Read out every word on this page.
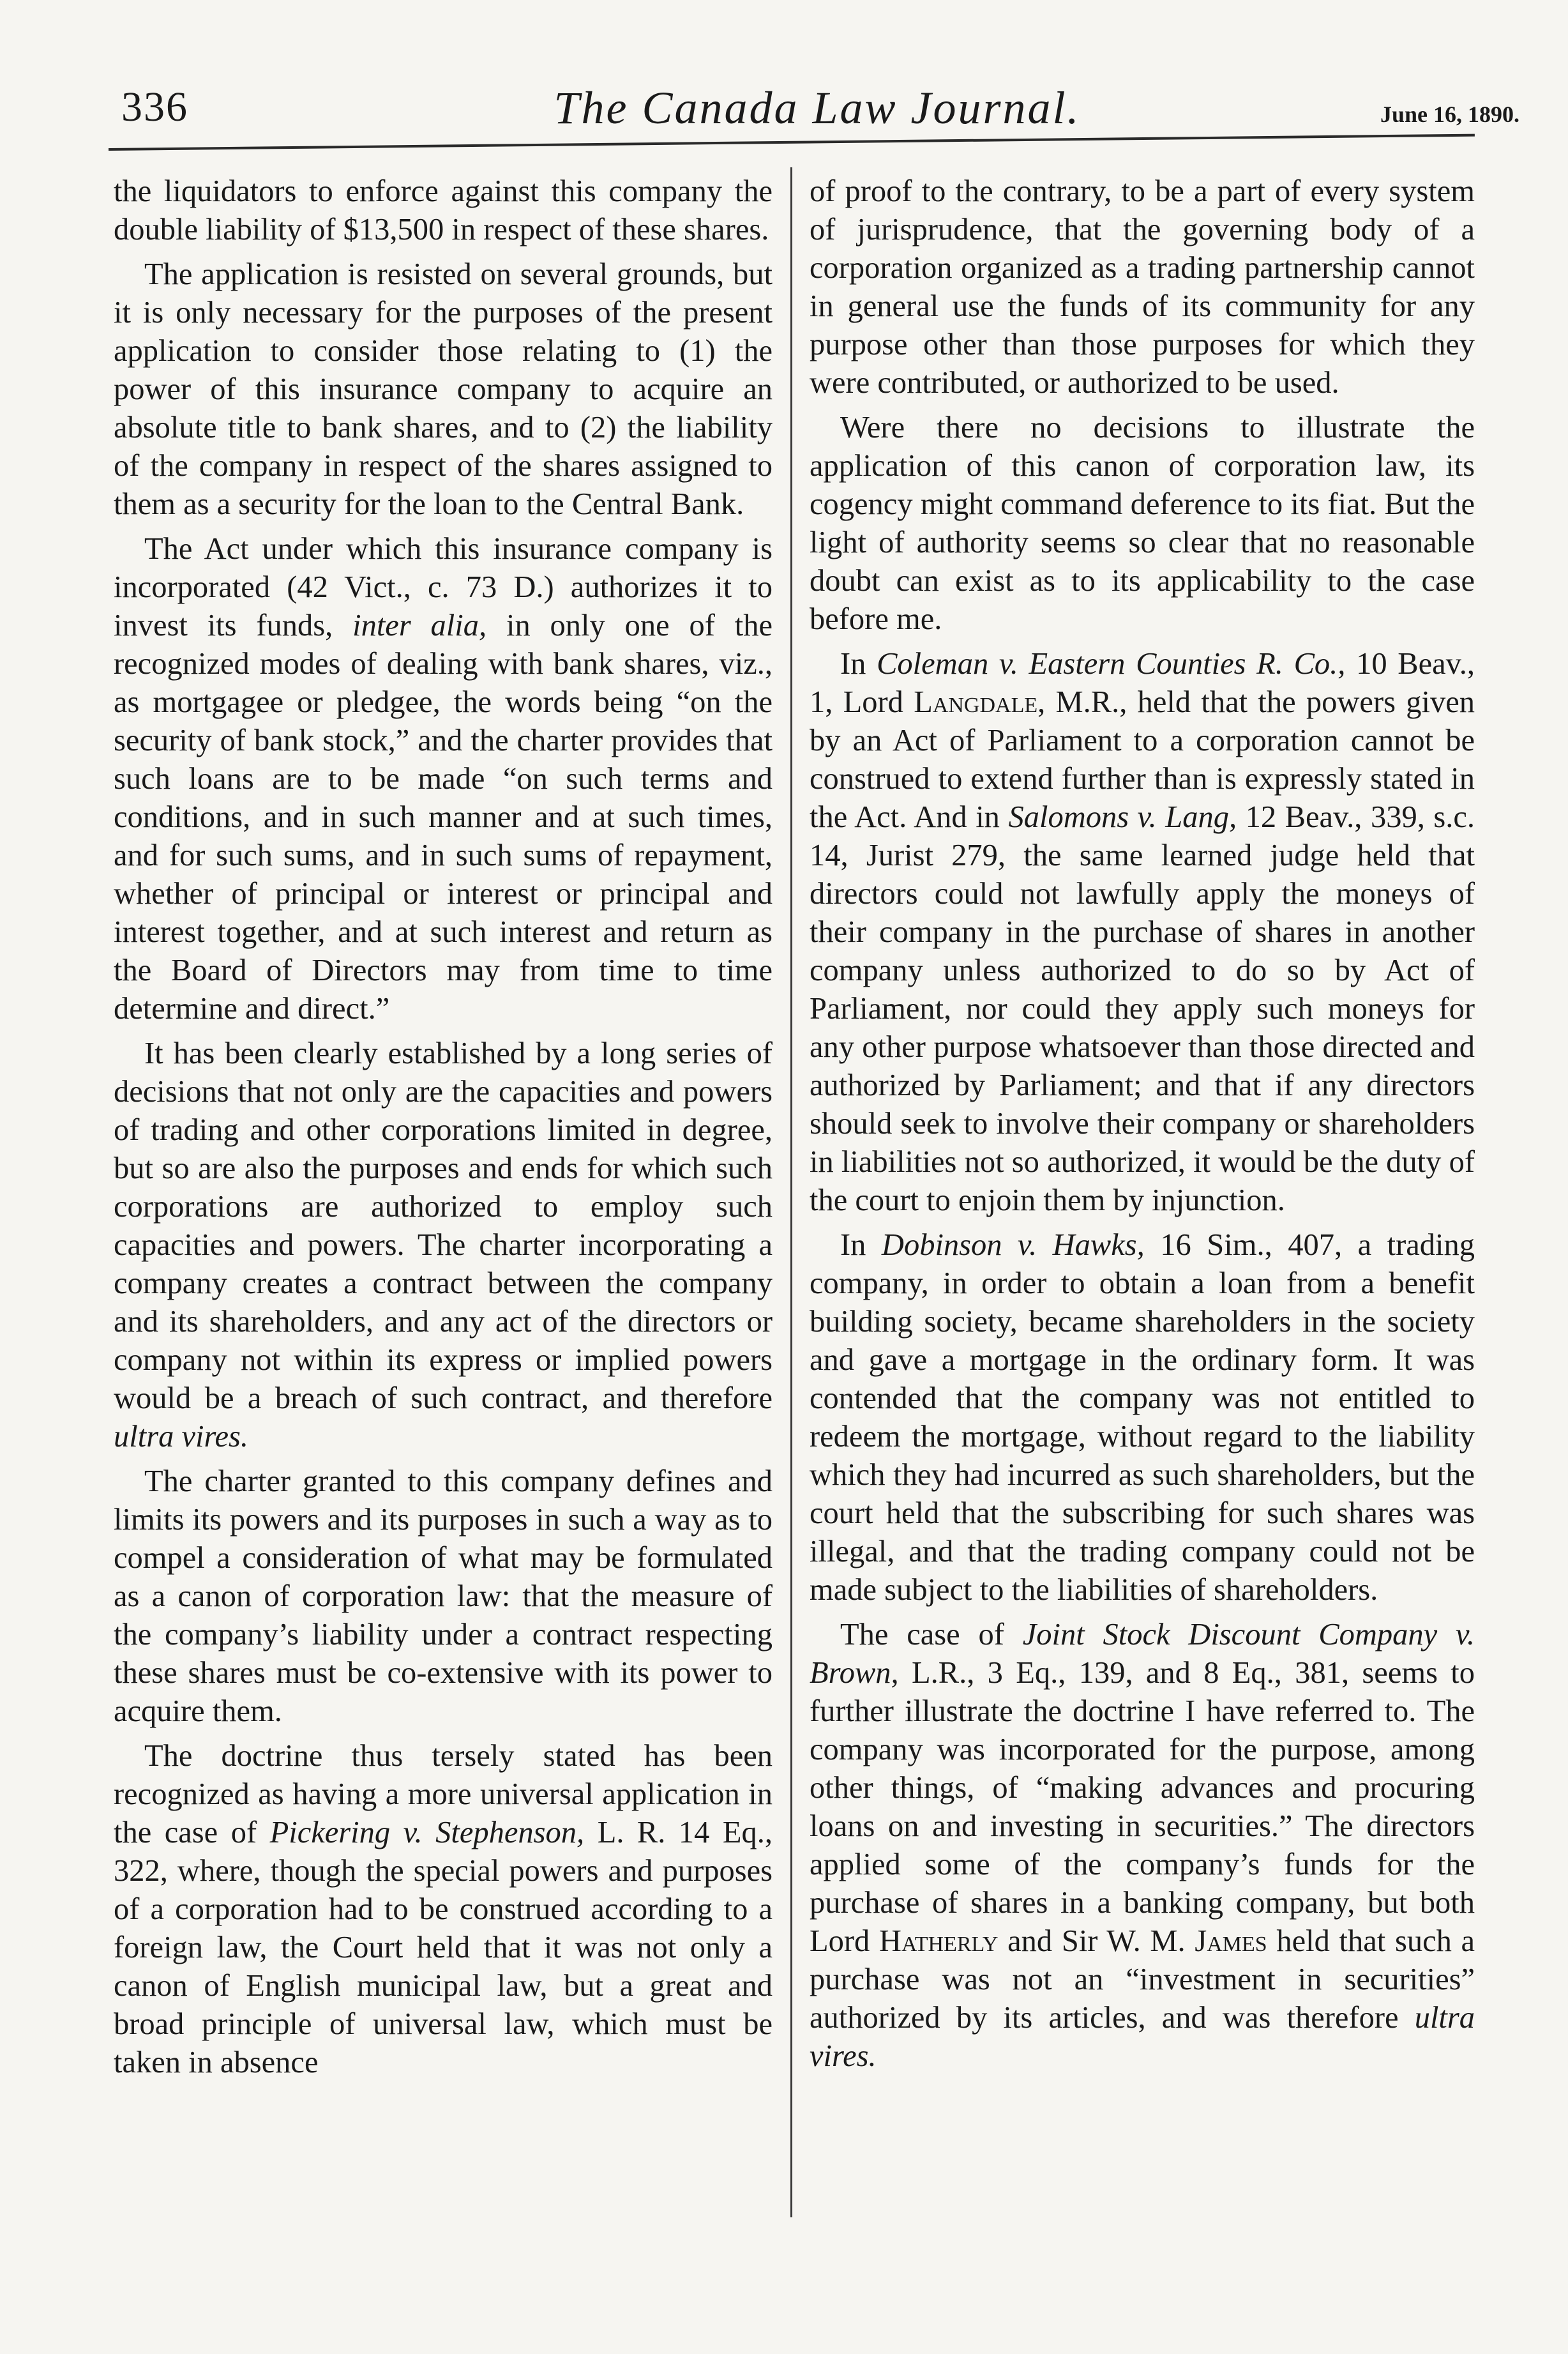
336	The Canada Law Journal.	June 16, 1890.

the liquidators to enforce against this company the double liability of $13,500 in respect of these shares.

The application is resisted on several grounds, but it is only necessary for the purposes of the present application to consider those relating to (1) the power of this insurance company to acquire an absolute title to bank shares, and to (2) the liability of the company in respect of the shares assigned to them as a security for the loan to the Central Bank.

The Act under which this insurance company is incorporated (42 Vict., c. 73 D.) authorizes it to invest its funds, inter alia, in only one of the recognized modes of dealing with bank shares, viz., as mortgagee or pledgee, the words being “on the security of bank stock,” and the charter provides that such loans are to be made “on such terms and conditions, and in such manner and at such times, and for such sums, and in such sums of repayment, whether of principal or interest or principal and interest together, and at such interest and return as the Board of Directors may from time to time determine and direct.”

It has been clearly established by a long series of decisions that not only are the capacities and powers of trading and other corporations limited in degree, but so are also the purposes and ends for which such corporations are authorized to employ such capacities and powers. The charter incorporating a company creates a contract between the company and its shareholders, and any act of the directors or company not within its express or implied powers would be a breach of such contract, and therefore ultra vires.

The charter granted to this company defines and limits its powers and its purposes in such a way as to compel a consideration of what may be formulated as a canon of corporation law: that the measure of the company’s liability under a contract respecting these shares must be co-extensive with its power to acquire them.

The doctrine thus tersely stated has been recognized as having a more universal application in the case of Pickering v. Stephenson, L. R. 14 Eq., 322, where, though the special powers and purposes of a corporation had to be construed according to a foreign law, the Court held that it was not only a canon of English municipal law, but a great and broad principle of universal law, which must be taken in absence

of proof to the contrary, to be a part of every system of jurisprudence, that the governing body of a corporation organized as a trading partnership cannot in general use the funds of its community for any purpose other than those purposes for which they were contributed, or authorized to be used.

Were there no decisions to illustrate the application of this canon of corporation law, its cogency might command deference to its fiat. But the light of authority seems so clear that no reasonable doubt can exist as to its applicability to the case before me.

In Coleman v. Eastern Counties R. Co., 10 Beav., 1, Lord Langdale, M.R., held that the powers given by an Act of Parliament to a corporation cannot be construed to extend further than is expressly stated in the Act. And in Salomons v. Lang, 12 Beav., 339, s.c. 14, Jurist 279, the same learned judge held that directors could not lawfully apply the moneys of their company in the purchase of shares in another company unless authorized to do so by Act of Parliament, nor could they apply such moneys for any other purpose whatsoever than those directed and authorized by Parliament; and that if any directors should seek to involve their company or shareholders in liabilities not so authorized, it would be the duty of the court to enjoin them by injunction.

In Dobinson v. Hawks, 16 Sim., 407, a trading company, in order to obtain a loan from a benefit building society, became shareholders in the society and gave a mortgage in the ordinary form. It was contended that the company was not entitled to redeem the mortgage, without regard to the liability which they had incurred as such shareholders, but the court held that the subscribing for such shares was illegal, and that the trading company could not be made subject to the liabilities of shareholders.

The case of Joint Stock Discount Company v. Brown, L.R., 3 Eq., 139, and 8 Eq., 381, seems to further illustrate the doctrine I have referred to. The company was incorporated for the purpose, among other things, of “making advances and procuring loans on and investing in securities.” The directors applied some of the company’s funds for the purchase of shares in a banking company, but both Lord Hatherly and Sir W. M. James held that such a purchase was not an “investment in securities” authorized by its articles, and was therefore ultra vires.
